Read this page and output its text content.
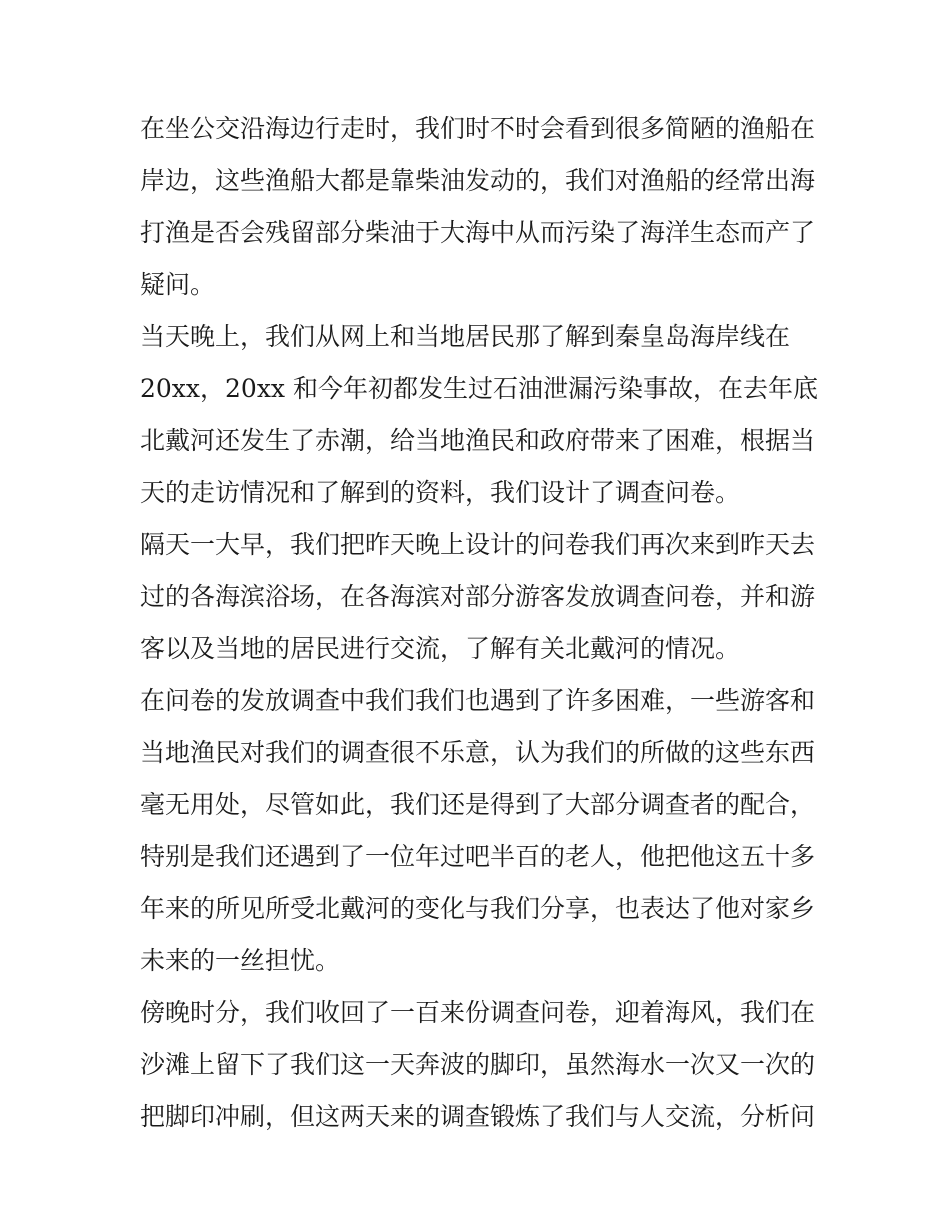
在坐公交沿海边行走时，我们时不时会看到很多简陋的渔船在
岸边，这些渔船大都是靠柴油发动的，我们对渔船的经常出海
打渔是否会残留部分柴油于大海中从而污染了海洋生态而产了
疑问。
当天晚上，我们从网上和当地居民那了解到秦皇岛海岸线在
20xx，20xx 和今年初都发生过石油泄漏污染事故，在去年底
北戴河还发生了赤潮，给当地渔民和政府带来了困难，根据当
天的走访情况和了解到的资料，我们设计了调查问卷。
隔天一大早，我们把昨天晚上设计的问卷我们再次来到昨天去
过的各海滨浴场，在各海滨对部分游客发放调查问卷，并和游
客以及当地的居民进行交流，了解有关北戴河的情况。
在问卷的发放调查中我们我们也遇到了许多困难，一些游客和
当地渔民对我们的调查很不乐意，认为我们的所做的这些东西
毫无用处，尽管如此，我们还是得到了大部分调查者的配合，
特别是我们还遇到了一位年过吧半百的老人，他把他这五十多
年来的所见所受北戴河的变化与我们分享，也表达了他对家乡
未来的一丝担忧。
傍晚时分，我们收回了一百来份调查问卷，迎着海风，我们在
沙滩上留下了我们这一天奔波的脚印，虽然海水一次又一次的
把脚印冲刷，但这两天来的调查锻炼了我们与人交流，分析问
